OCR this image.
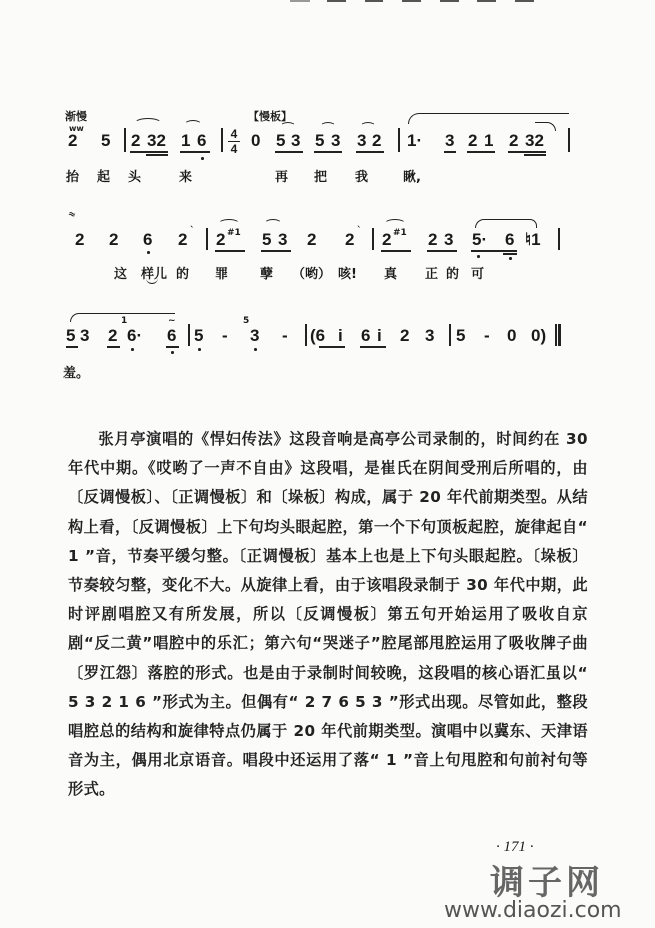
渐慢	【慢板】
ww
2 5 2 32 1 6 4
4 0 5 3 5 3 3 2 1· 3 2 1 2 32
抬 起 头	来	再 把 我	瞅,
≈
2 2 6 2 ˋ 2 #1 5 3 2 2 ˋ 2 #1 2 3 5· 6 ♮1
这 样儿 的 罪 孽 （哟） 咳! 真 正 的 可
5 3 2
1
6·
~
6 5 -
5
3 - (6 i 6 i 2 3 5 - 0 0)
羞。

张月亭演唱的《悍妇传法》这段音响是高亭公司录制的，时间约在 30 年代中期。《哎哟了一声不自由》这段唱，是崔氏在阴间受刑后所唱的，由〔反调慢板〕、〔正调慢板〕和〔垛板〕构成，属于 20 年代前期类型。从结构上看，〔反调慢板〕上下句均头眼起腔，第一个下句顶板起腔，旋律起自“ 1 ”音，节奏平缓匀整。〔正调慢板〕基本上也是上下句头眼起腔。〔垛板〕节奏较匀整，变化不大。从旋律上看，由于该唱段录制于 30 年代中期，此时评剧唱腔又有所发展，所以〔反调慢板〕第五句开始运用了吸收自京剧“反二黄”唱腔中的乐汇；第六句“哭迷子”腔尾部甩腔运用了吸收牌子曲〔罗江怨〕落腔的形式。也是由于录制时间较晚，这段唱的核心语汇虽以“ 5 3 2 1 6 ”形式为主。但偶有“ 2 7 6 5 3 ”形式出现。尽管如此，整段唱腔总的结构和旋律特点仍属于 20 年代前期类型。演唱中以冀东、天津语音为主，偶用北京语音。唱段中还运用了落“ 1 ”音上句甩腔和句前衬句等形式。

· 171 ·
调子网
www.diaozi.com
